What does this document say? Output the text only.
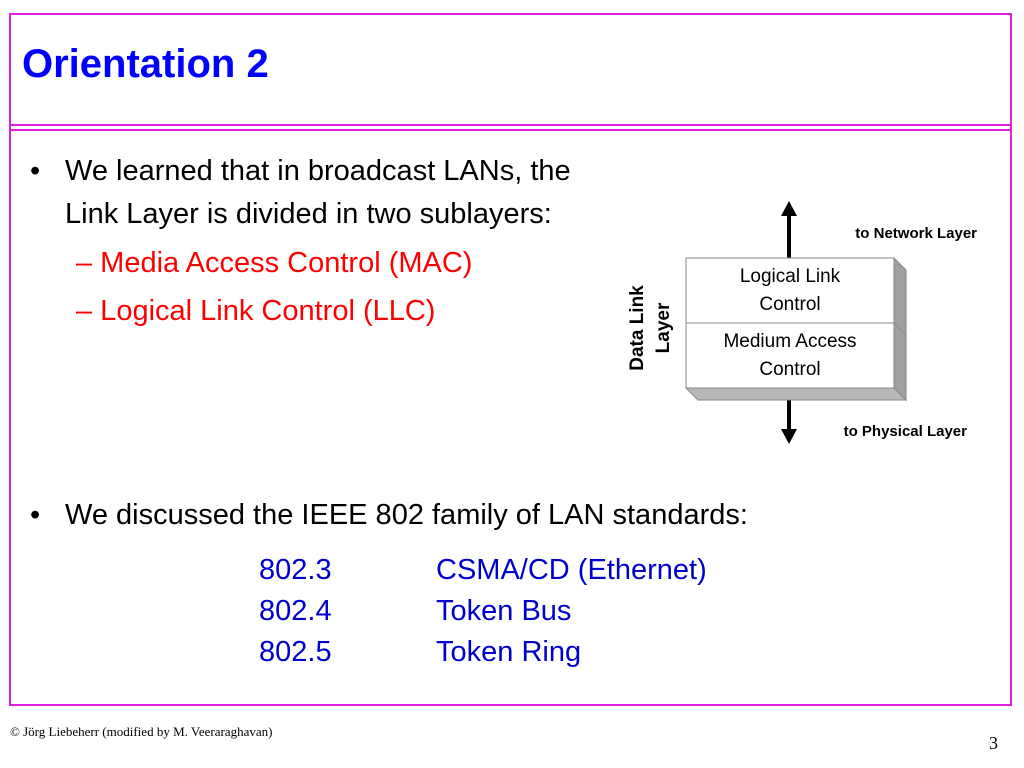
Orientation 2
• We learned that in broadcast LANs, the Link Layer is divided in two sublayers:
– Media Access Control (MAC)
– Logical Link Control (LLC)
Logical Link
Control
Medium Access
Control
Data Link Layer
to Network Layer
to Physical Layer
• We discussed the IEEE 802 family of LAN standards:
802.3	CSMA/CD (Ethernet)
802.4	Token Bus
802.5	Token Ring
© Jörg Liebeherr (modified by M. Veeraraghavan)
3
